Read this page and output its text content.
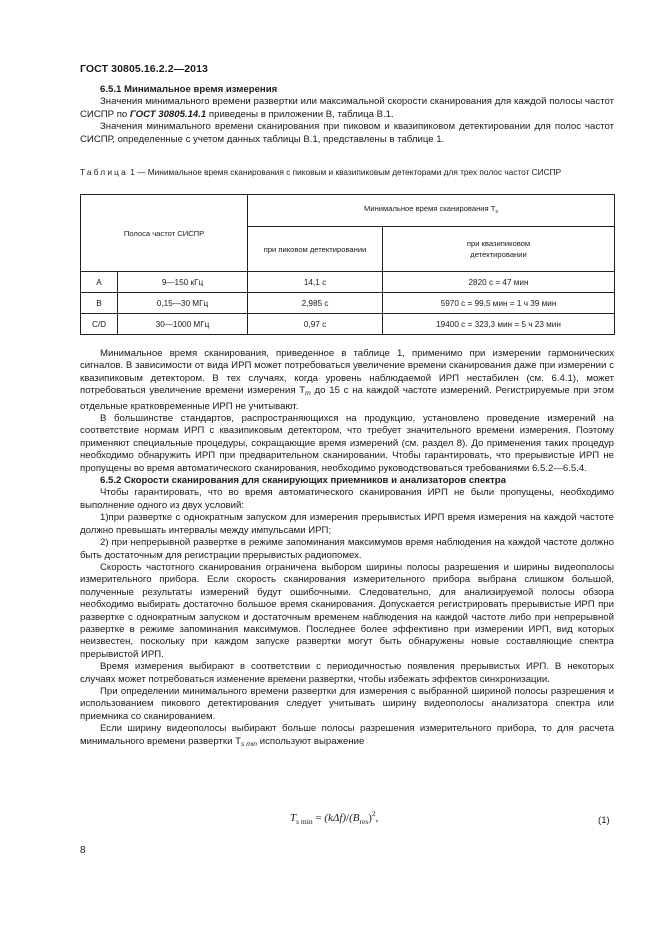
ГОСТ 30805.16.2.2—2013

6.5.1 Минимальное время измерения

Значения минимального времени развертки или максимальной скорости сканирования для каждой полосы частот СИСПР по ГОСТ 30805.14.1 приведены в приложении В, таблица В.1.

Значения минимального времени сканирования при пиковом и квазипиковом детектировании для полос частот СИСПР, определенные с учетом данных таблицы В.1, представлены в таблице 1.

Таблица 1 — Минимальное время сканирования с пиковым и квазипиковым детекторами для трех полос частот СИСПР
Полоса частот СИСПР		Минимальное время сканирования $T_s$
		при пиковом детектировании	при квазипиковом
детектировании
A	9—150 кГц	14,1 с	2820 с = 47 мин
B	0,15—30 МГц	2,985 с	5970 с = 99,5 мин = 1 ч 39 мин
C/D	30—1000 МГц	0,97 с	19400 с = 323,3 мин = 5 ч 23 мин

Минимальное время сканирования, приведенное в таблице 1, применимо при измерении гармонических сигналов. В зависимости от вида ИРП может потребоваться увеличение времени сканирования даже при измерении с квазипиковым детектором. В тех случаях, когда уровень наблюдаемой ИРП нестабилен (см. 6.4.1), может потребоваться увеличение времени измерения $T_m$ до 15 с на каждой частоте измерений. Регистрируемые при этом отдельные кратковременные ИРП не учитывают.

В большинстве стандартов, распространяющихся на продукцию, установлено проведение измерений на соответствие нормам ИРП с квазипиковым детектором, что требует значительного времени измерения. Поэтому применяют специальные процедуры, сокращающие время измерений (см. раздел 8). До применения таких процедур необходимо обнаружить ИРП при предварительном сканировании. Чтобы гарантировать, что прерывистые ИРП не пропущены во время автоматического сканирования, необходимо руководствоваться требованиями 6.5.2—6.5.4.

6.5.2 Скорости сканирования для сканирующих приемников и анализаторов спектра

Чтобы гарантировать, что во время автоматического сканирования ИРП не были пропущены, необходимо выполнение одного из двух условий:

1)при развертке с однократным запуском для измерения прерывистых ИРП время измерения на каждой частоте должно превышать интервалы между импульсами ИРП;

2) при непрерывной развертке в режиме запоминания максимумов время наблюдения на каждой частоте должно быть достаточным для регистрации прерывистых радиопомех.

Скорость частотного сканирования ограничена выбором ширины полосы разрешения и ширины видеополосы измерительного прибора. Если скорость сканирования измерительного прибора выбрана слишком большой, полученные результаты измерений будут ошибочными. Следовательно, для анализируемой полосы обзора необходимо выбирать достаточно большое время сканирования. Допускается регистрировать прерывистые ИРП при развертке с однократным запуском и достаточным временем наблюдения на каждой частоте либо при непрерывной развертке в режиме запоминания максимумов. Последнее более эффективно при измерении ИРП, вид которых неизвестен, поскольку при каждом запуске развертки могут быть обнаружены новые составляющие спектра прерывистой ИРП.

Время измерения выбирают в соответствии с периодичностью появления прерывистых ИРП. В некоторых случаях может потребоваться изменение времени развертки, чтобы избежать эффектов синхронизации.

При определении минимального времени развертки для измерения с выбранной шириной полосы разрешения и использованием пикового детектирования следует учитывать ширину видеополосы анализатора спектра или приемника со сканированием.

Если ширину видеополосы выбирают больше полосы разрешения измерительного прибора, то для расчета минимального времени развертки $T_{s min}$ используют выражение

$T_{s min} = (k\Delta f)/(B_{res})^2$,	(1)
8
